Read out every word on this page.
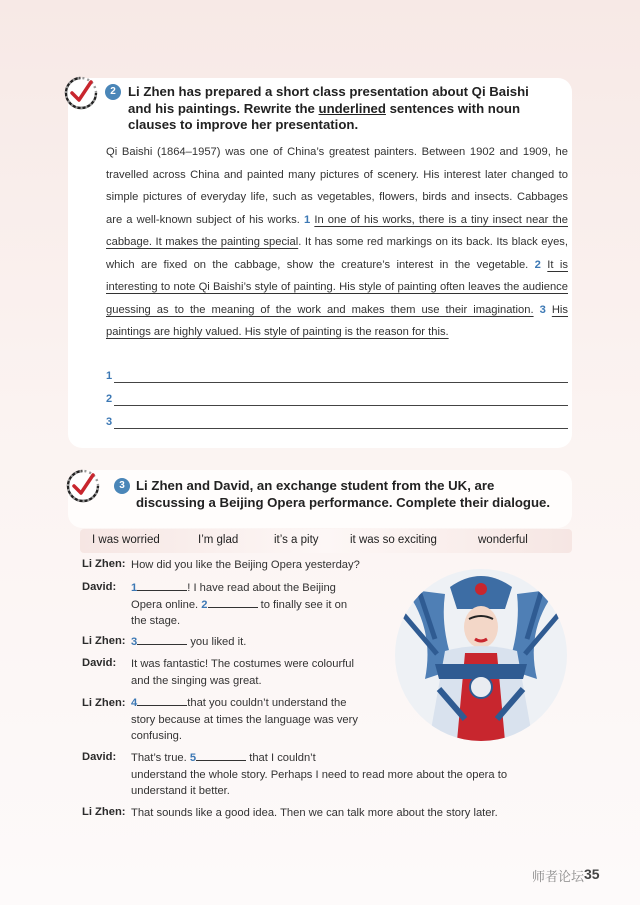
2 Li Zhen has prepared a short class presentation about Qi Baishi and his paintings. Rewrite the underlined sentences with noun clauses to improve her presentation.
Qi Baishi (1864–1957) was one of China’s greatest painters. Between 1902 and 1909, he travelled across China and painted many pictures of scenery. His interest later changed to simple pictures of everyday life, such as vegetables, flowers, birds and insects. Cabbages are a well-known subject of his works. 1 In one of his works, there is a tiny insect near the cabbage. It makes the painting special. It has some red markings on its back. Its black eyes, which are fixed on the cabbage, show the creature’s interest in the vegetable. 2 It is interesting to note Qi Baishi’s style of painting. His style of painting often leaves the audience guessing as to the meaning of the work and makes them use their imagination. 3 His paintings are highly valued. His style of painting is the reason for this.
1
2
3
3 Li Zhen and David, an exchange student from the UK, are discussing a Beijing Opera performance. Complete their dialogue.
I was worried	I’m glad	it’s a pity	it was so exciting	wonderful
Li Zhen: How did you like the Beijing Opera yesterday?
David: 1	! I have read about the Beijing
Opera online. 2	to finally see it on
the stage.
Li Zhen: 3	you liked it.
David: It was fantastic! The costumes were colourful
and the singing was great.
Li Zhen: 4	that you couldn’t understand the
story because at times the language was very
confusing.
David: That’s true. 5	that I couldn’t
understand the whole story. Perhaps I need to read more about the opera to
understand it better.
Li Zhen: That sounds like a good idea. Then we can talk more about the story later.
师者论坛 35
